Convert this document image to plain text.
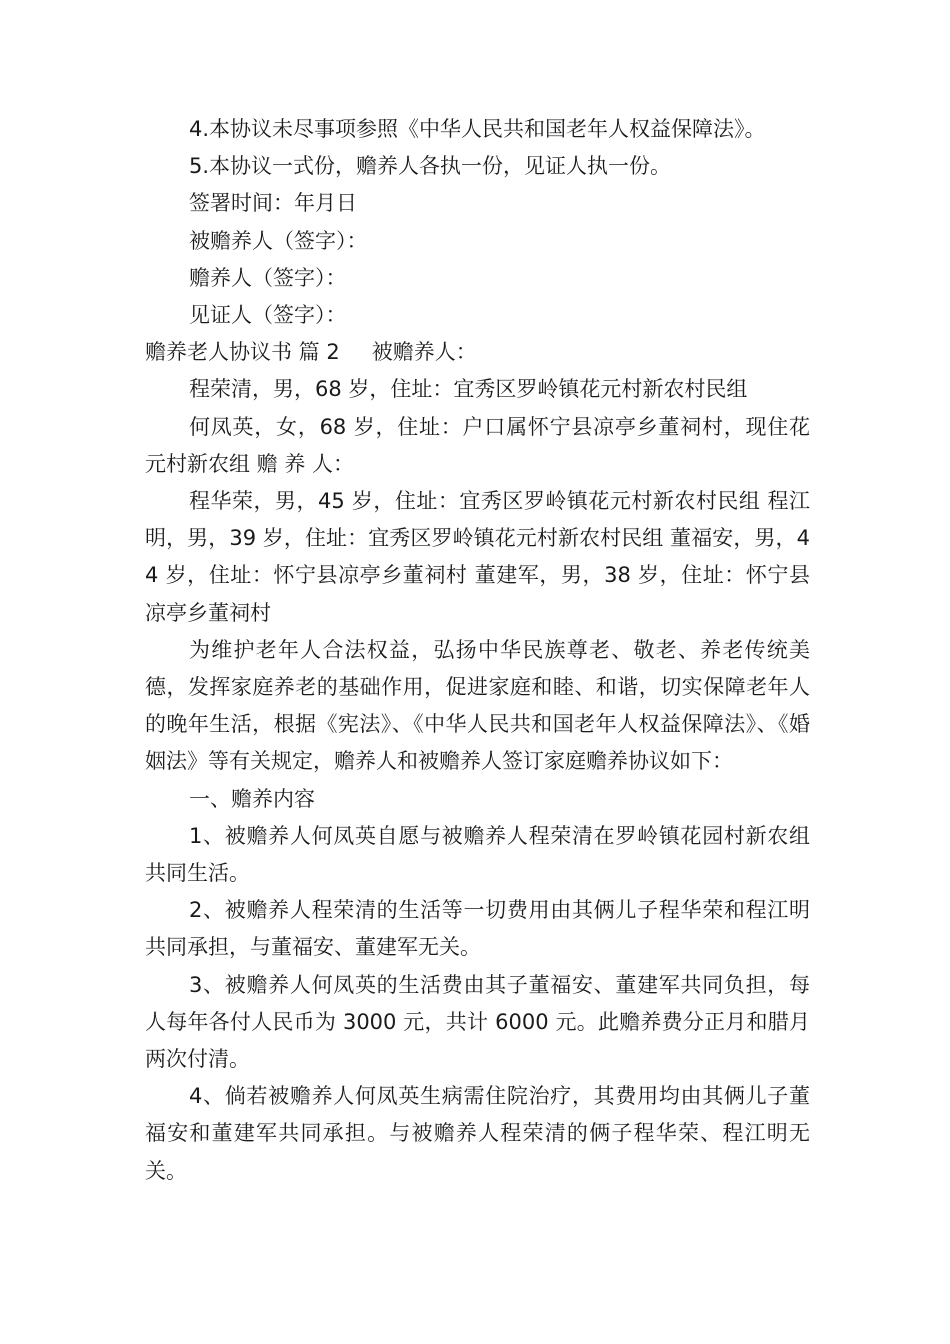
4.本协议未尽事项参照《中华人民共和国老年人权益保障法》。

5.本协议一式份，赡养人各执一份，见证人执一份。

签署时间：年月日

被赡养人（签字）：

赡养人（签字）：

见证人（签字）：

赡养老人协议书 篇 2 被赡养人：

程荣清，男，68 岁，住址：宜秀区罗岭镇花元村新农村民组

何凤英，女，68 岁，住址：户口属怀宁县凉亭乡董祠村，现住花元村新农组 赡 养 人：

程华荣，男，45 岁，住址：宜秀区罗岭镇花元村新农村民组 程江明，男，39 岁，住址：宜秀区罗岭镇花元村新农村民组 董福安，男，44 岁，住址：怀宁县凉亭乡董祠村 董建军，男，38 岁，住址：怀宁县凉亭乡董祠村

为维护老年人合法权益，弘扬中华民族尊老、敬老、养老传统美德，发挥家庭养老的基础作用，促进家庭和睦、和谐，切实保障老年人的晚年生活，根据《宪法》、《中华人民共和国老年人权益保障法》、《婚姻法》等有关规定，赡养人和被赡养人签订家庭赡养协议如下：

一、赡养内容

1、被赡养人何凤英自愿与被赡养人程荣清在罗岭镇花园村新农组共同生活。

2、被赡养人程荣清的生活等一切费用由其俩儿子程华荣和程江明共同承担，与董福安、董建军无关。

3、被赡养人何凤英的生活费由其子董福安、董建军共同负担，每人每年各付人民币为 3000 元，共计 6000 元。此赡养费分正月和腊月两次付清。

4、倘若被赡养人何凤英生病需住院治疗，其费用均由其俩儿子董福安和董建军共同承担。与被赡养人程荣清的俩子程华荣、程江明无关。
